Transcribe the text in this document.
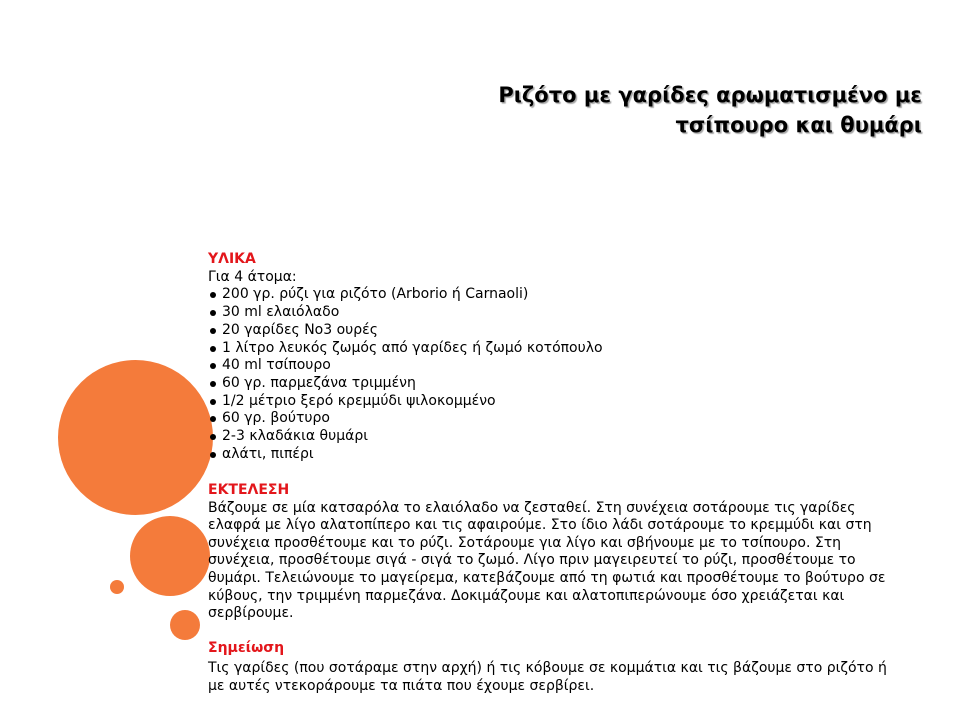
Ριζότο με γαρίδες αρωματισμένο με
τσίπουρο και θυμάρι
ΥΛΙΚΑ
Για 4 άτομα:
200 γρ. ρύζι για ριζότο (Arborio ή Carnaoli)
30 ml ελαιόλαδο
20 γαρίδες Νο3 ουρές
1 λίτρο λευκός ζωμός από γαρίδες ή ζωμό κοτόπουλο
40 ml τσίπουρο
60 γρ. παρμεζάνα τριμμένη
1/2 μέτριο ξερό κρεμμύδι ψιλοκομμένο
60 γρ. βούτυρο
2-3 κλαδάκια θυμάρι
αλάτι, πιπέρι
ΕΚΤΕΛΕΣΗ
Βάζουμε σε μία κατσαρόλα το ελαιόλαδο να ζεσταθεί. Στη συνέχεια σοτάρουμε τις γαρίδες
ελαφρά με λίγο αλατοπίπερο και τις αφαιρούμε. Στο ίδιο λάδι σοτάρουμε το κρεμμύδι και στη
συνέχεια προσθέτουμε και το ρύζι. Σοτάρουμε για λίγο και σβήνουμε με το τσίπουρο. Στη
συνέχεια, προσθέτουμε σιγά - σιγά το ζωμό. Λίγο πριν μαγειρευτεί το ρύζι, προσθέτουμε το
θυμάρι. Τελειώνουμε το μαγείρεμα, κατεβάζουμε από τη φωτιά και προσθέτουμε το βούτυρο σε
κύβους, την τριμμένη παρμεζάνα. Δοκιμάζουμε και αλατοπιπερώνουμε όσο χρειάζεται και
σερβίρουμε.
Σημείωση
Τις γαρίδες (που σοτάραμε στην αρχή) ή τις κόβουμε σε κομμάτια και τις βάζουμε στο ριζότο ή
με αυτές ντεκοράρουμε τα πιάτα που έχουμε σερβίρει.
